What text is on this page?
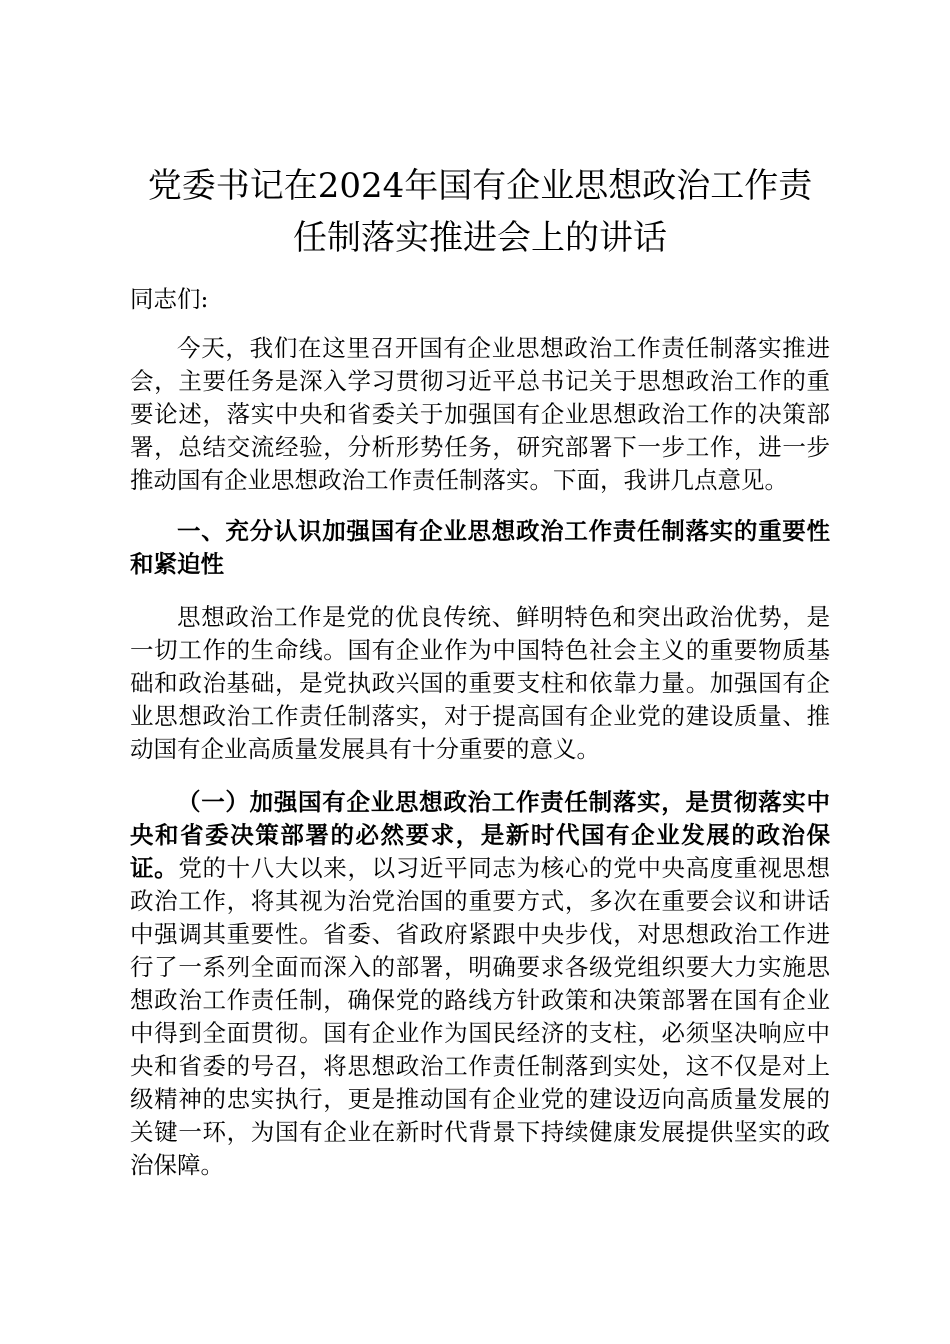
党委书记在2024年国有企业思想政治工作责
任制落实推进会上的讲话

同志们:

今天，我们在这里召开国有企业思想政治工作责任制落实推进会，主要任务是深入学习贯彻习近平总书记关于思想政治工作的重要论述，落实中央和省委关于加强国有企业思想政治工作的决策部署，总结交流经验，分析形势任务，研究部署下一步工作，进一步推动国有企业思想政治工作责任制落实。下面，我讲几点意见。

一、充分认识加强国有企业思想政治工作责任制落实的重要性和紧迫性

思想政治工作是党的优良传统、鲜明特色和突出政治优势，是一切工作的生命线。国有企业作为中国特色社会主义的重要物质基础和政治基础，是党执政兴国的重要支柱和依靠力量。加强国有企业思想政治工作责任制落实，对于提高国有企业党的建设质量、推动国有企业高质量发展具有十分重要的意义。

（一）加强国有企业思想政治工作责任制落实，是贯彻落实中央和省委决策部署的必然要求，是新时代国有企业发展的政治保证。党的十八大以来，以习近平同志为核心的党中央高度重视思想政治工作，将其视为治党治国的重要方式，多次在重要会议和讲话中强调其重要性。省委、省政府紧跟中央步伐，对思想政治工作进行了一系列全面而深入的部署，明确要求各级党组织要大力实施思想政治工作责任制，确保党的路线方针政策和决策部署在国有企业中得到全面贯彻。国有企业作为国民经济的支柱，必须坚决响应中央和省委的号召，将思想政治工作责任制落到实处，这不仅是对上级精神的忠实执行，更是推动国有企业党的建设迈向高质量发展的关键一环，为国有企业在新时代背景下持续健康发展提供坚实的政治保障。
